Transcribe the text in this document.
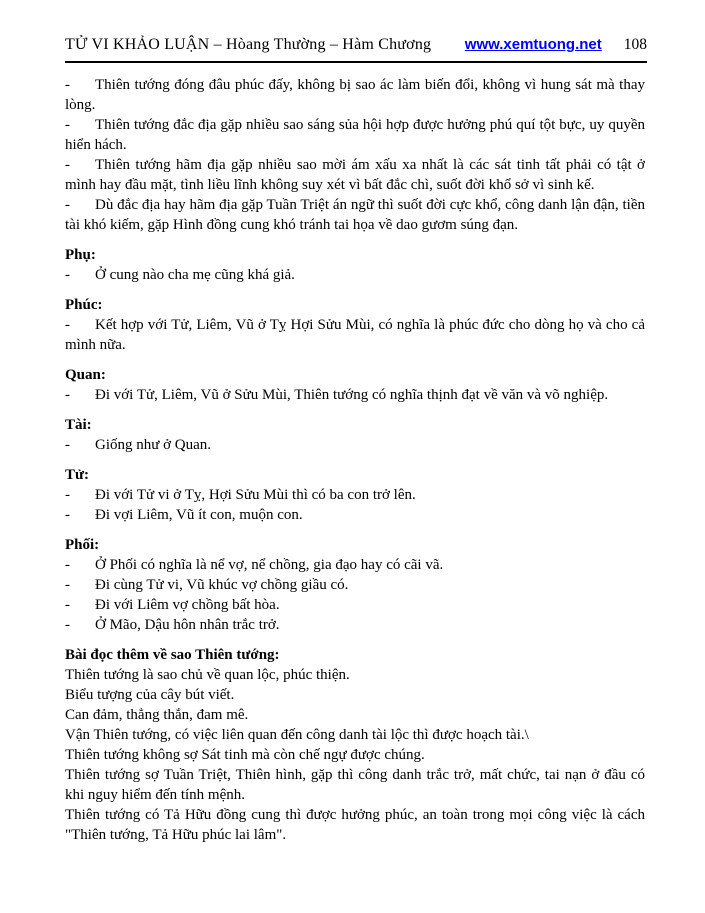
TỬ VI KHẢO LUẬN – Hòang Thường – Hàm Chương www.xemtuong.net 108

- Thiên tướng đóng đâu phúc đấy, không bị sao ác làm biến đổi, không vì hung sát mà thay lòng.

- Thiên tướng đắc địa gặp nhiều sao sáng sủa hội hợp được hưởng phú quí tột bực, uy quyền hiển hách.

- Thiên tướng hãm địa gặp nhiều sao mời ám xấu xa nhất là các sát tinh tất phải có tật ở mình hay đầu mặt, tình liều lĩnh không suy xét vì bất đắc chì, suốt đời khổ sở vì sinh kế.

- Dù đắc địa hay hãm địa gặp Tuần Triệt án ngữ thì suốt đời cực khổ, công danh lận đận, tiền tài khó kiếm, gặp Hình đồng cung khó tránh tai họa về dao gươm súng đạn.

Phụ:

- Ở cung nào cha mẹ cũng khá giả.

Phúc:

- Kết hợp với Tử, Liêm, Vũ ở Tỵ Hợi Sửu Mùi, có nghĩa là phúc đức cho dòng họ và cho cả mình nữa.

Quan:

- Đi với Tử, Liêm, Vũ ở Sửu Mùi, Thiên tướng có nghĩa thịnh đạt về văn và võ nghiệp.

Tài:

- Giống như ở Quan.

Tử:

- Đi với Tử vi ở Tỵ, Hợi Sửu Mùi thì có ba con trở lên.

- Đi vợi Liêm, Vũ ít con, muộn con.

Phối:

- Ở Phối có nghĩa là nể vợ, nể chồng, gia đạo hay có cãi vã.

- Đi cùng Tử vi, Vũ khúc vợ chồng giầu có.

- Đi với Liêm vợ chồng bất hòa.

- Ở Mão, Dậu hôn nhân trắc trở.

Bài đọc thêm về sao Thiên tướng:

Thiên tướng là sao chủ về quan lộc, phúc thiện.

Biểu tượng của cây bút viết.

Can đảm, thẳng thắn, đam mê.

Vận Thiên tướng, có việc liên quan đến công danh tài lộc thì được hoạch tài.\

Thiên tướng không sợ Sát tinh mà còn chế ngự được chúng.

Thiên tướng sợ Tuần Triệt, Thiên hình, gặp thì công danh trắc trở, mất chức, tai nạn ở đầu có khi nguy hiểm đến tính mệnh.

Thiên tướng có Tả Hữu đồng cung thì được hưởng phúc, an toàn trong mọi công việc là cách "Thiên tướng, Tả Hữu phúc lai lâm".
